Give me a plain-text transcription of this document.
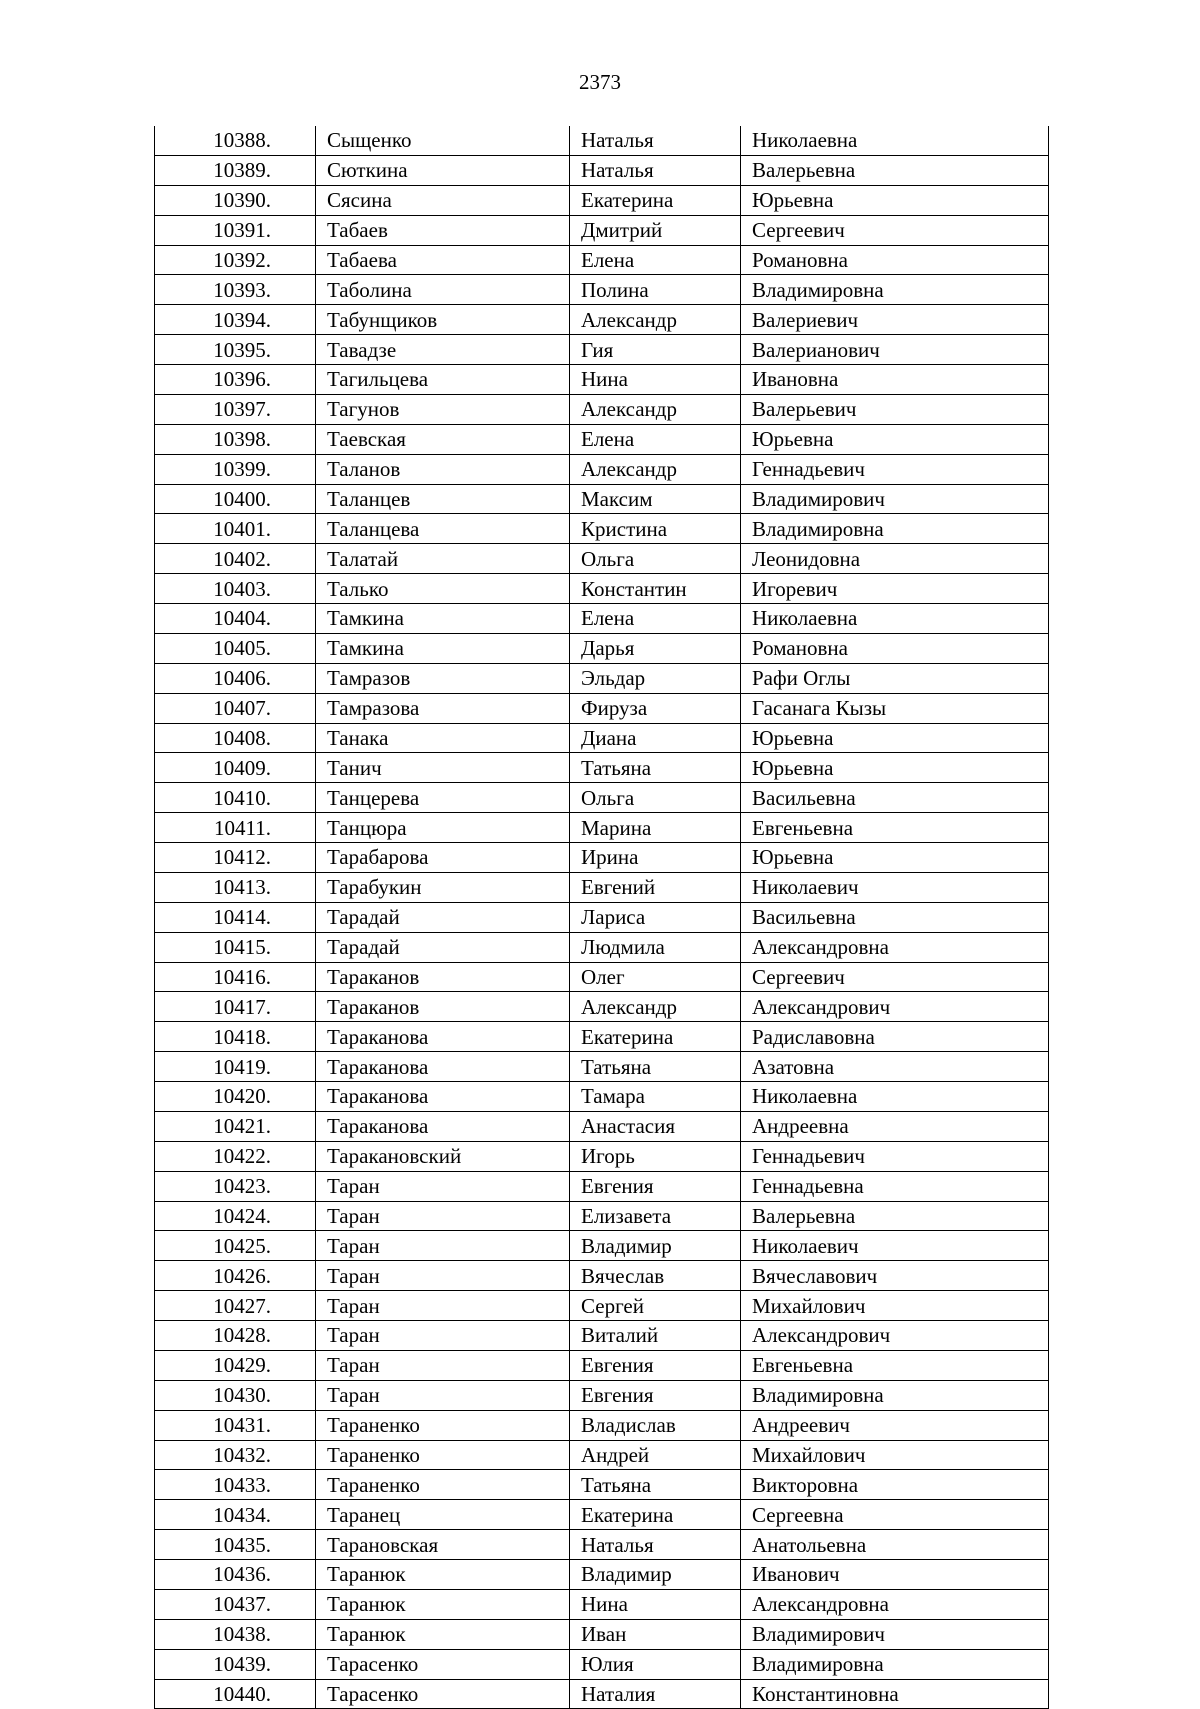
2373
10388.	Сыщенко	Наталья	Николаевна
10389.	Сюткина	Наталья	Валерьевна
10390.	Сясина	Екатерина	Юрьевна
10391.	Табаев	Дмитрий	Сергеевич
10392.	Табаева	Елена	Романовна
10393.	Таболина	Полина	Владимировна
10394.	Табунщиков	Александр	Валериевич
10395.	Тавадзе	Гия	Валерианович
10396.	Тагильцева	Нина	Ивановна
10397.	Тагунов	Александр	Валерьевич
10398.	Таевская	Елена	Юрьевна
10399.	Таланов	Александр	Геннадьевич
10400.	Таланцев	Максим	Владимирович
10401.	Таланцева	Кристина	Владимировна
10402.	Талатай	Ольга	Леонидовна
10403.	Талько	Константин	Игоревич
10404.	Тамкина	Елена	Николаевна
10405.	Тамкина	Дарья	Романовна
10406.	Тамразов	Эльдар	Рафи Оглы
10407.	Тамразова	Фируза	Гасанага Кызы
10408.	Танака	Диана	Юрьевна
10409.	Танич	Татьяна	Юрьевна
10410.	Танцерева	Ольга	Васильевна
10411.	Танцюра	Марина	Евгеньевна
10412.	Тарабарова	Ирина	Юрьевна
10413.	Тарабукин	Евгений	Николаевич
10414.	Тарадай	Лариса	Васильевна
10415.	Тарадай	Людмила	Александровна
10416.	Тараканов	Олег	Сергеевич
10417.	Тараканов	Александр	Александрович
10418.	Тараканова	Екатерина	Радиславовна
10419.	Тараканова	Татьяна	Азатовна
10420.	Тараканова	Тамара	Николаевна
10421.	Тараканова	Анастасия	Андреевна
10422.	Таракановский	Игорь	Геннадьевич
10423.	Таран	Евгения	Геннадьевна
10424.	Таран	Елизавета	Валерьевна
10425.	Таран	Владимир	Николаевич
10426.	Таран	Вячеслав	Вячеславович
10427.	Таран	Сергей	Михайлович
10428.	Таран	Виталий	Александрович
10429.	Таран	Евгения	Евгеньевна
10430.	Таран	Евгения	Владимировна
10431.	Тараненко	Владислав	Андреевич
10432.	Тараненко	Андрей	Михайлович
10433.	Тараненко	Татьяна	Викторовна
10434.	Таранец	Екатерина	Сергеевна
10435.	Тарановская	Наталья	Анатольевна
10436.	Таранюк	Владимир	Иванович
10437.	Таранюк	Нина	Александровна
10438.	Таранюк	Иван	Владимирович
10439.	Тарасенко	Юлия	Владимировна
10440.	Тарасенко	Наталия	Константиновна
